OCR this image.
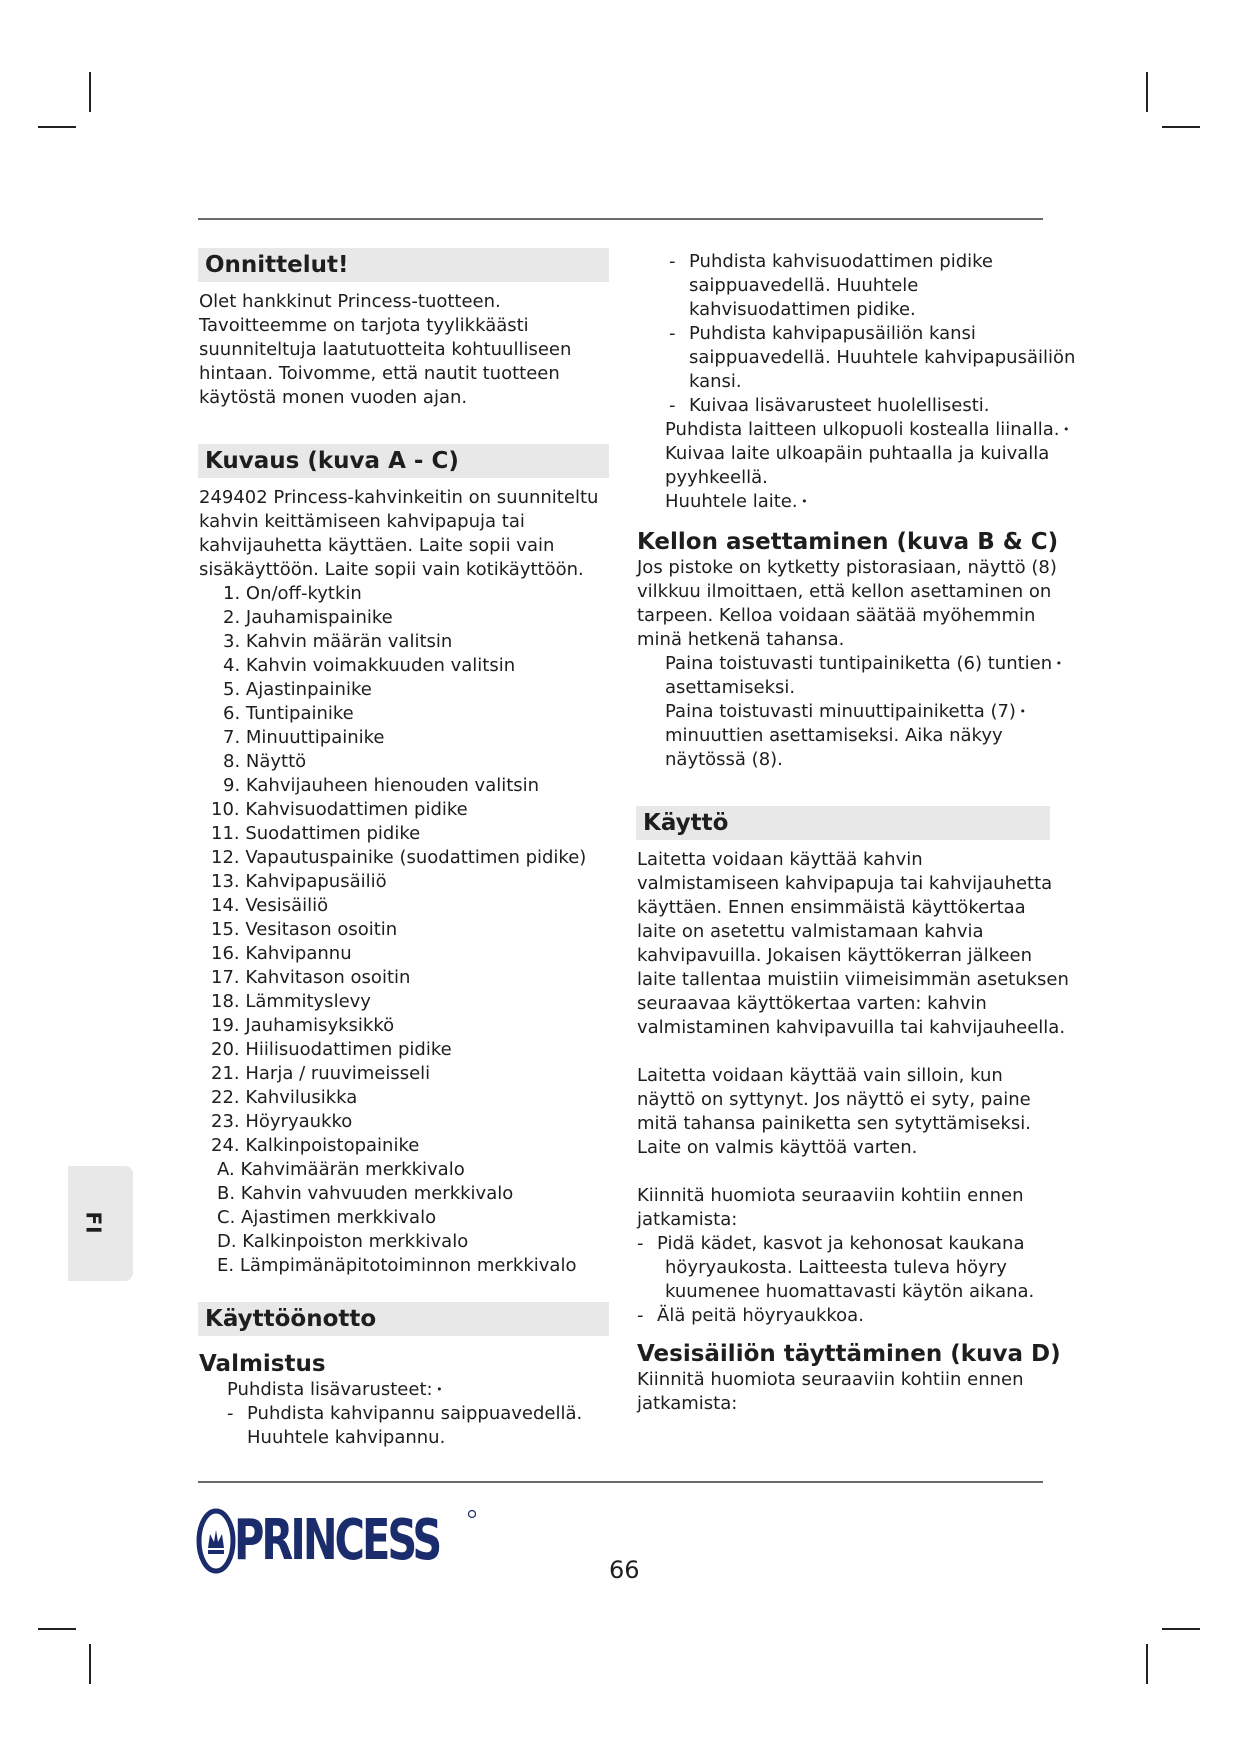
Onnittelut!

Olet hankkinut Princess-tuotteen.

Tavoitteemme on tarjota tyylikkäästi

suunniteltuja laatutuotteita kohtuulliseen

hintaan. Toivomme, että nautit tuotteen

käytöstä monen vuoden ajan.

Kuvaus (kuva A - C)

249402 Princess-kahvinkeitin on suunniteltu

kahvin keittämiseen kahvipapuja tai

kahvijauhetta käyttäen. Laite sopii vain

sisäkäyttöön. Laite sopii vain kotikäyttöön.

1. On/off-kytkin
2. Jauhamispainike
3. Kahvin määrän valitsin
4. Kahvin voimakkuuden valitsin
5. Ajastinpainike
6. Tuntipainike
7. Minuuttipainike
8. Näyttö
9. Kahvijauheen hienouden valitsin
10. Kahvisuodattimen pidike
11. Suodattimen pidike
12. Vapautuspainike (suodattimen pidike)
13. Kahvipapusäiliö
14. Vesisäiliö
15. Vesitason osoitin
16. Kahvipannu
17. Kahvitason osoitin
18. Lämmityslevy
19. Jauhamisyksikkö
20. Hiilisuodattimen pidike
21. Harja / ruuvimeisseli
22. Kahvilusikka
23. Höyryaukko
24. Kalkinpoistopainike
A. Kahvimäärän merkkivalo
B. Kahvin vahvuuden merkkivalo
C. Ajastimen merkkivalo
D. Kalkinpoiston merkkivalo
E. Lämpimänäpitotoiminnon merkkivalo
Käyttöönotto
Valmistus

Puhdista lisävarusteet: •

- Puhdista kahvipannu saippuavedellä.

Huuhtele kahvipannu.

- Puhdista kahvisuodattimen pidike

saippuavedellä. Huuhtele

kahvisuodattimen pidike.

- Puhdista kahvipapusäiliön kansi

saippuavedellä. Huuhtele kahvipapusäiliön

kansi.

- Kuivaa lisävarusteet huolellisesti.

Puhdista laitteen ulkopuoli kostealla liinalla. •

Kuivaa laite ulkoapäin puhtaalla ja kuivalla

pyyhkeellä.

Huuhtele laite. •

Kellon asettaminen (kuva B & C)

Jos pistoke on kytketty pistorasiaan, näyttö (8)

vilkkuu ilmoittaen, että kellon asettaminen on

tarpeen. Kelloa voidaan säätää myöhemmin

minä hetkenä tahansa.

Paina toistuvasti tuntipainiketta (6) tuntien •

asettamiseksi.

Paina toistuvasti minuuttipainiketta (7) •

minuuttien asettamiseksi. Aika näkyy

näytössä (8).

Käyttö

Laitetta voidaan käyttää kahvin

valmistamiseen kahvipapuja tai kahvijauhetta

käyttäen. Ennen ensimmäistä käyttökertaa

laite on asetettu valmistamaan kahvia

kahvipavuilla. Jokaisen käyttökerran jälkeen

laite tallentaa muistiin viimeisimmän asetuksen

seuraavaa käyttökertaa varten: kahvin

valmistaminen kahvipavuilla tai kahvijauheella.

Laitetta voidaan käyttää vain silloin, kun

näyttö on syttynyt. Jos näyttö ei syty, paine

mitä tahansa painiketta sen sytyttämiseksi.

Laite on valmis käyttöä varten.

Kiinnitä huomiota seuraaviin kohtiin ennen

jatkamista:

- Pidä kädet, kasvot ja kehonosat kaukana

höyryaukosta. Laitteesta tuleva höyry

kuumenee huomattavasti käytön aikana.

- Älä peitä höyryaukkoa.

Vesisäiliön täyttäminen (kuva D)

Kiinnitä huomiota seuraaviin kohtiin ennen

jatkamista:

FI
PRINCESS	66
